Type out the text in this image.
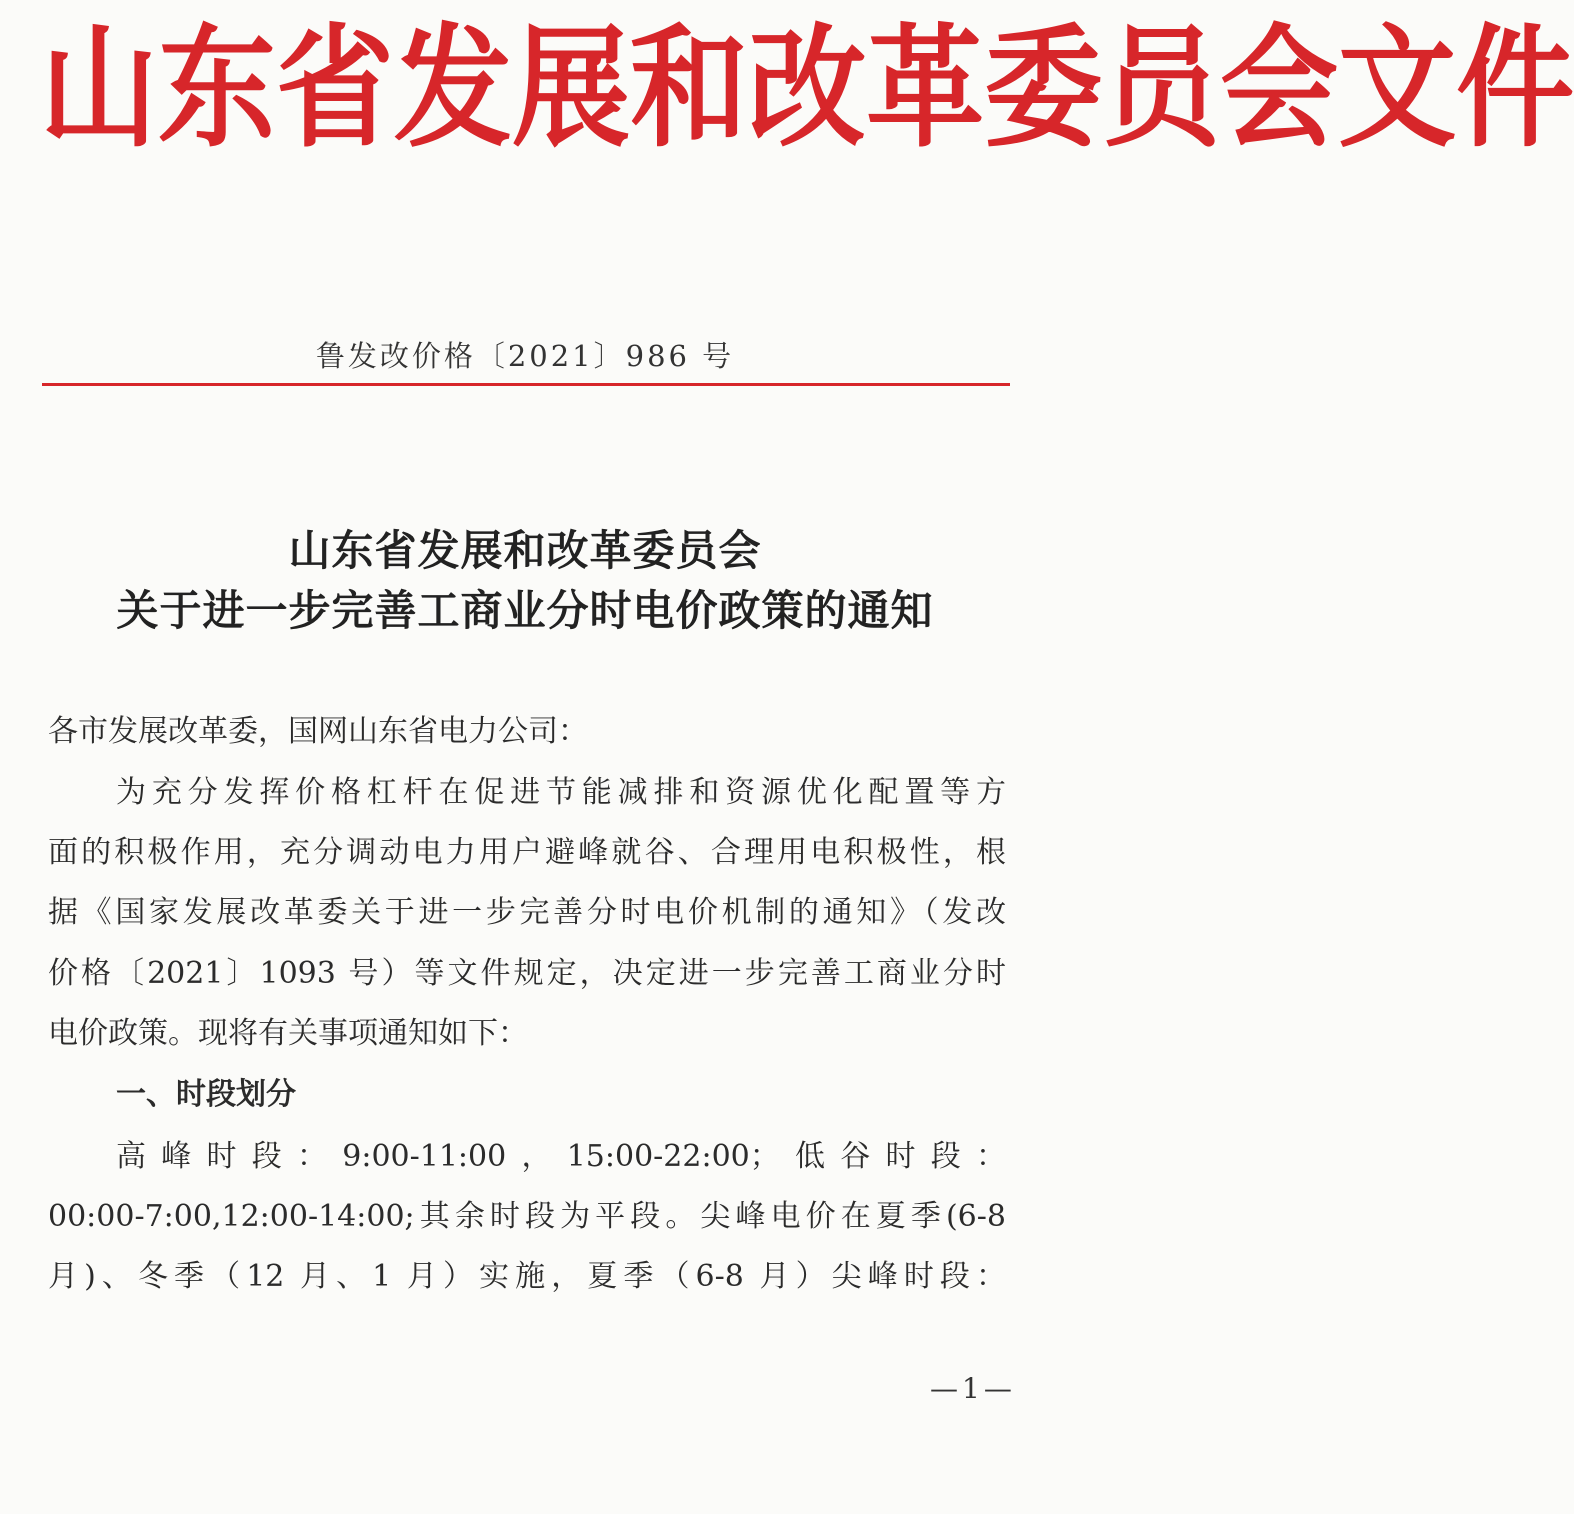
山 东 省 发 展 和 改 革 委 员 会 文 件
鲁发改价格〔2021〕986 号
山东省发展和改革委员会
关于进一步完善工商业分时电价政策的通知
各市发展改革委，国网山东省电力公司：
为充分发挥价格杠杆在促进节能减排和资源优化配置等方
面的积极作用，充分调动电力用户避峰就谷、合理用电积极性，根
据《国家发展改革委关于进一步完善分时电价机制的通知》（发改
价格〔2021〕1093 号）等文件规定，决定进一步完善工商业分时
电价政策。现将有关事项通知如下：
一、时段划分
高峰时段：9:00-11:00，15:00-22:00；低谷时段：
00:00-7:00,12:00-14:00;其余时段为平段。尖峰电价在夏季(6-8
月)、冬季（12 月、1 月）实施，夏季（6-8 月）尖峰时段：
—1—
